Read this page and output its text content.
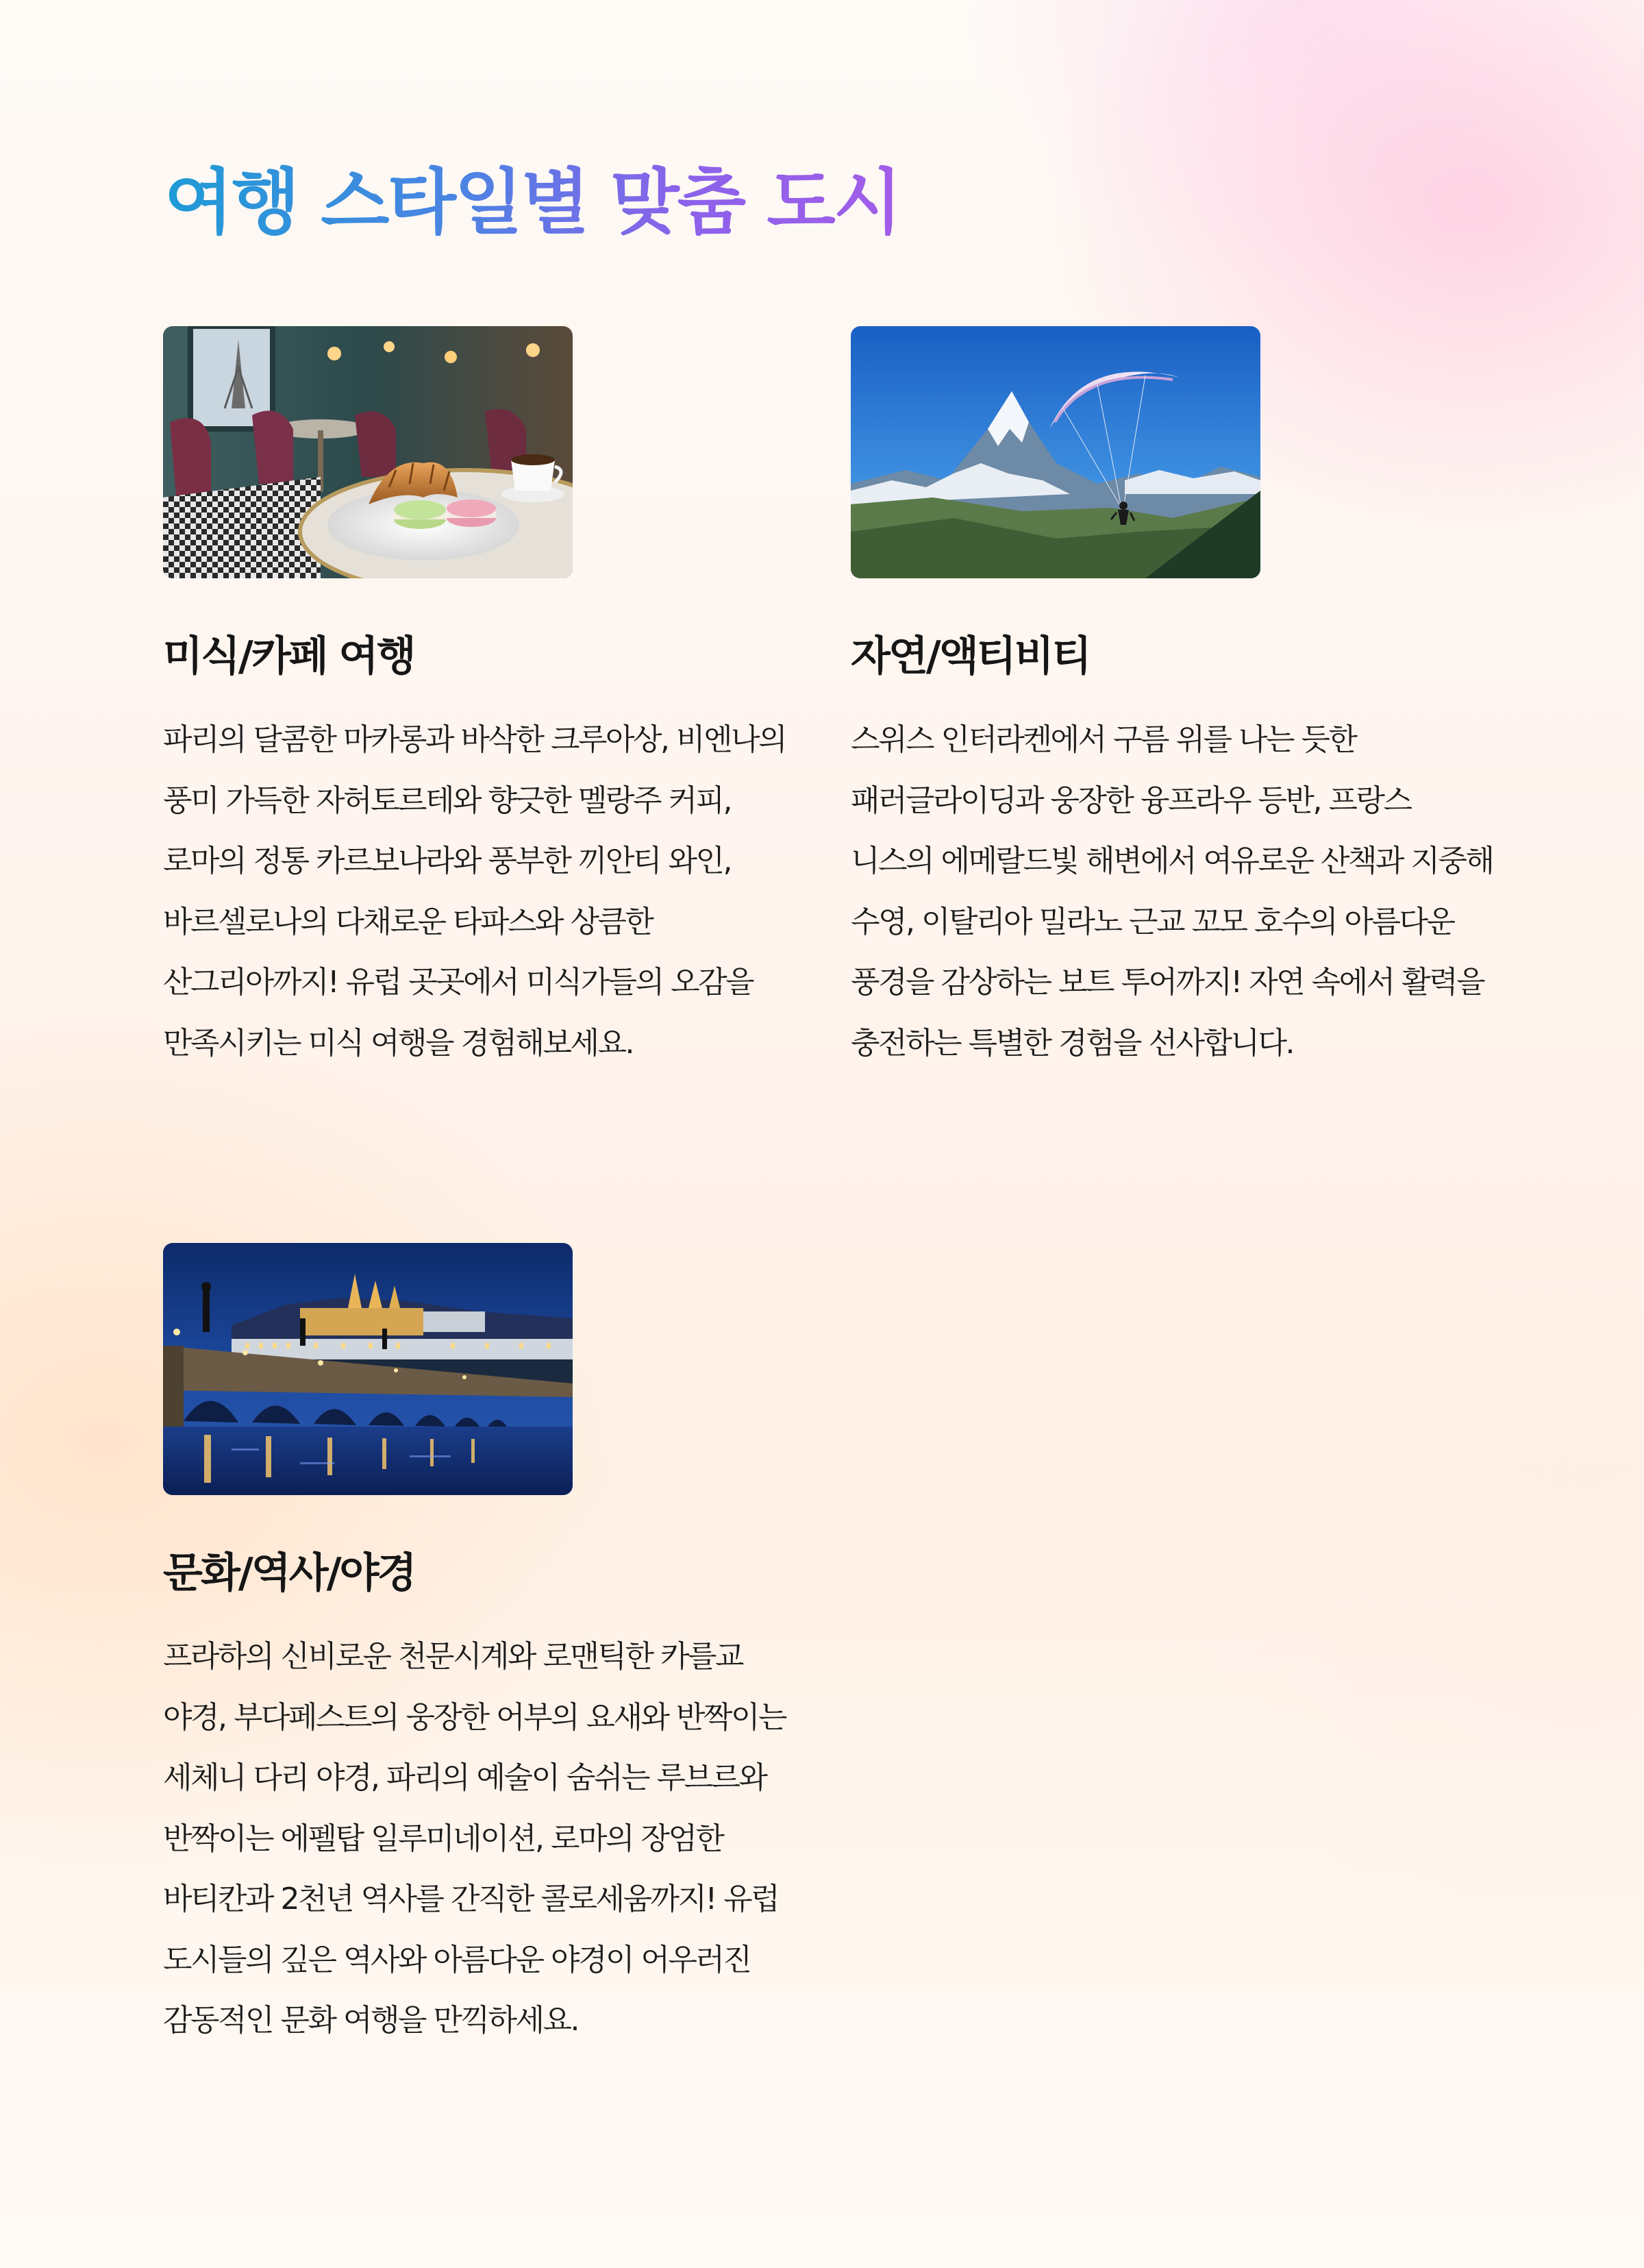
여행 스타일별 맞춤 도시
미식/카페 여행
파리의 달콤한 마카롱과 바삭한 크루아상, 비엔나의 풍미 가득한 자허토르테와 향긋한 멜랑주 커피, 로마의 정통 카르보나라와 풍부한 끼안티 와인, 바르셀로나의 다채로운 타파스와 상큼한 산그리아까지! 유럽 곳곳에서 미식가들의 오감을 만족시키는 미식 여행을 경험해보세요.
자연/액티비티
스위스 인터라켄에서 구름 위를 나는 듯한 패러글라이딩과 웅장한 융프라우 등반, 프랑스 니스의 에메랄드빛 해변에서 여유로운 산책과 지중해 수영, 이탈리아 밀라노 근교 꼬모 호수의 아름다운 풍경을 감상하는 보트 투어까지! 자연 속에서 활력을 충전하는 특별한 경험을 선사합니다.
문화/역사/야경
프라하의 신비로운 천문시계와 로맨틱한 카를교 야경, 부다페스트의 웅장한 어부의 요새와 반짝이는 세체니 다리 야경, 파리의 예술이 숨쉬는 루브르와 반짝이는 에펠탑 일루미네이션, 로마의 장엄한 바티칸과 2천년 역사를 간직한 콜로세움까지! 유럽 도시들의 깊은 역사와 아름다운 야경이 어우러진 감동적인 문화 여행을 만끽하세요.
